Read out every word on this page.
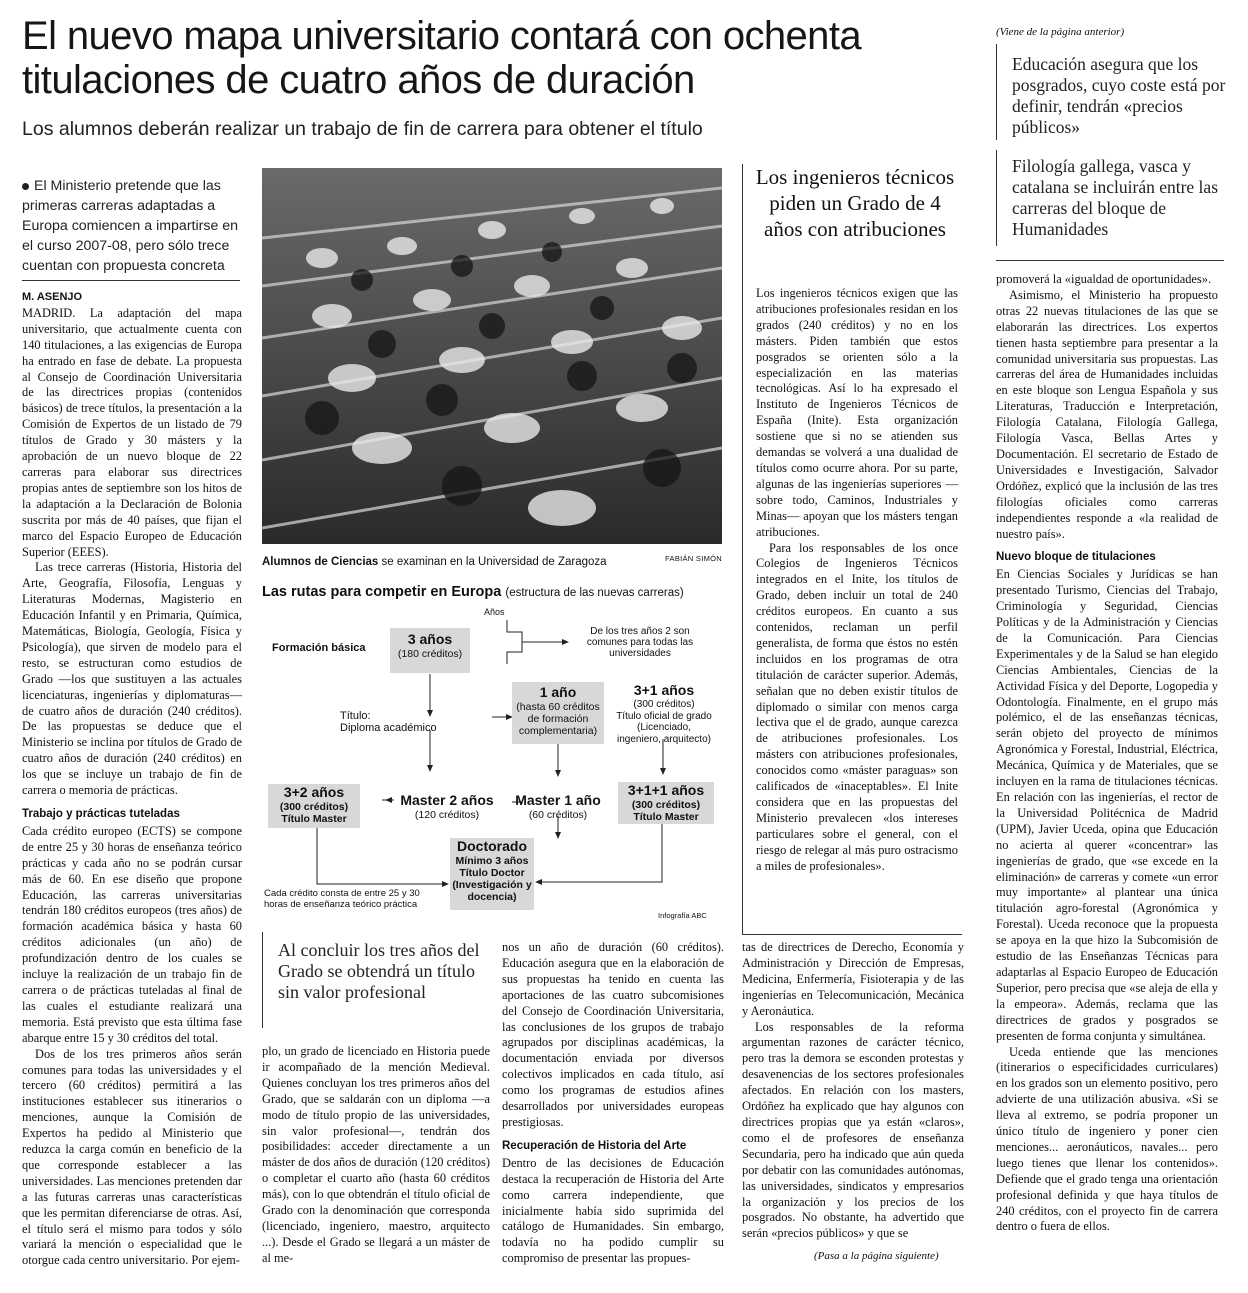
El nuevo mapa universitario contará con ochenta titulaciones de cuatro años de duración
Los alumnos deberán realizar un trabajo de fin de carrera para obtener el título
El Ministerio pretende que las primeras carreras adaptadas a Europa comiencen a impartirse en el curso 2007-08, pero sólo trece cuentan con propuesta concreta
M. ASENJO

MADRID. La adaptación del mapa universitario, que actualmente cuenta con 140 titulaciones, a las exigencias de Europa ha entrado en fase de debate. La propuesta al Consejo de Coordinación Universitaria de las directrices propias (contenidos básicos) de trece títulos, la presentación a la Comisión de Expertos de un listado de 79 títulos de Grado y 30 másters y la aprobación de un nuevo bloque de 22 carreras para elaborar sus directrices propias antes de septiembre son los hitos de la adaptación a la Declaración de Bolonia suscrita por más de 40 países, que fijan el marco del Espacio Europeo de Educación Superior (EEES).

Las trece carreras (Historia, Historia del Arte, Geografía, Filosofía, Lenguas y Literaturas Modernas, Magisterio en Educación Infantil y en Primaria, Química, Matemáticas, Biología, Geología, Física y Psicología), que sirven de modelo para el resto, se estructuran como estudios de Grado —los que sustituyen a las actuales licenciaturas, ingenierías y diplomaturas— de cuatro años de duración (240 créditos). De las propuestas se deduce que el Ministerio se inclina por títulos de Grado de cuatro años de duración (240 créditos) en los que se incluye un trabajo de fin de carrera o memoria de prácticas.

Trabajo y prácticas tuteladas

Cada crédito europeo (ECTS) se compone de entre 25 y 30 horas de enseñanza teórico prácticas y cada año no se podrán cursar más de 60. En ese diseño que propone Educación, las carreras universitarias tendrán 180 créditos europeos (tres años) de formación académica básica y hasta 60 créditos adicionales (un año) de profundización dentro de los cuales se incluye la realización de un trabajo fin de carrera o de prácticas tuteladas al final de las cuales el estudiante realizará una memoria. Está previsto que esta última fase abarque entre 15 y 30 créditos del total.

Dos de los tres primeros años serán comunes para todas las universidades y el tercero (60 créditos) permitirá a las instituciones establecer sus itinerarios o menciones, aunque la Comisión de Expertos ha pedido al Ministerio que reduzca la carga común en beneficio de la que corresponde establecer a las universidades. Las menciones pretenden dar a las futuras carreras unas características que les permitan diferenciarse de otras. Así, el título será el mismo para todos y sólo variará la mención o especialidad que le otorgue cada centro universitario. Por ejem-

Alumnos de Ciencias se examinan en la Universidad de Zaragoza	FABIÁN SIMÓN
Las rutas para competir en Europa (estructura de las nuevas carreras)
Años
Formación básica
3 años
(180 créditos)
De los tres años 2 son comunes para todas las universidades
Título:
Diploma académico
1 año
(hasta 60 créditos de formación complementaria)
3+1 años
(300 créditos)
Título oficial de grado
(Licenciado, ingeniero, arquitecto)
3+2 años
(300 créditos)
Título Master
Master 2 años
(120 créditos)
Master 1 año
(60 créditos)
3+1+1 años
(300 créditos)
Título Master
Doctorado
Mínimo 3 años
Título Doctor
(Investigación y docencia)
Cada crédito consta de entre 25 y 30 horas de enseñanza teórico práctica
Infografía ABC
Al concluir los tres años del Grado se obtendrá un título sin valor profesional

plo, un grado de licenciado en Historia puede ir acompañado de la mención Medieval. Quienes concluyan los tres primeros años del Grado, que se saldarán con un diploma —a modo de título propio de las universidades, sin valor profesional—, tendrán dos posibilidades: acceder directamente a un máster de dos años de duración (120 créditos) o completar el cuarto año (hasta 60 créditos más), con lo que obtendrán el título oficial de Grado con la denominación que corresponda (licenciado, ingeniero, maestro, arquitecto ...). Desde el Grado se llegará a un máster de al me-

nos un año de duración (60 créditos). Educación asegura que en la elaboración de sus propuestas ha tenido en cuenta las aportaciones de las cuatro subcomisiones del Consejo de Coordinación Universitaria, las conclusiones de los grupos de trabajo agrupados por disciplinas académicas, la documentación enviada por diversos colectivos implicados en cada título, así como los programas de estudios afines desarrollados por universidades europeas prestigiosas.

Recuperación de Historia del Arte

Dentro de las decisiones de Educación destaca la recuperación de Historia del Arte como carrera independiente, que inicialmente había sido suprimida del catálogo de Humanidades. Sin embargo, todavía no ha podido cumplir su compromiso de presentar las propues-

Los ingenieros técnicos piden un Grado de 4 años con atribuciones

Los ingenieros técnicos exigen que las atribuciones profesionales residan en los grados (240 créditos) y no en los másters. Piden también que estos posgrados se orienten sólo a la especialización en las materias tecnológicas. Así lo ha expresado el Instituto de Ingenieros Técnicos de España (Inite). Esta organización sostiene que si no se atienden sus demandas se volverá a una dualidad de títulos como ocurre ahora. Por su parte, algunas de las ingenierías superiores —sobre todo, Caminos, Industriales y Minas— apoyan que los másters tengan atribuciones.

Para los responsables de los once Colegios de Ingenieros Técnicos integrados en el Inite, los títulos de Grado, deben incluir un total de 240 créditos europeos. En cuanto a sus contenidos, reclaman un perfil generalista, de forma que éstos no estén incluidos en los programas de otra titulación de carácter superior. Además, señalan que no deben existir títulos de diplomado o similar con menos carga lectiva que el de grado, aunque carezca de atribuciones profesionales. Los másters con atribuciones profesionales, conocidos como «máster paraguas» son calificados de «inaceptables». El Inite considera que en las propuestas del Ministerio prevalecen «los intereses particulares sobre el general, con el riesgo de relegar al más puro ostracismo a miles de profesionales».

tas de directrices de Derecho, Economía y Administración y Dirección de Empresas, Medicina, Enfermería, Fisioterapia y de las ingenierías en Telecomunicación, Mecánica y Aeronáutica.

Los responsables de la reforma argumentan razones de carácter técnico, pero tras la demora se esconden protestas y desavenencias de los sectores profesionales afectados. En relación con los masters, Ordóñez ha explicado que hay algunos con directrices propias que ya están «claros», como el de profesores de enseñanza Secundaria, pero ha indicado que aún queda por debatir con las comunidades autónomas, las universidades, sindicatos y empresarios la organización y los precios de los posgrados. No obstante, ha advertido que serán «precios públicos» y que se

(Pasa a la página siguiente)
(Viene de la página anterior)
Educación asegura que los posgrados, cuyo coste está por definir, tendrán «precios públicos»
Filología gallega, vasca y catalana se incluirán entre las carreras del bloque de Humanidades

promoverá la «igualdad de oportunidades».

Asimismo, el Ministerio ha propuesto otras 22 nuevas titulaciones de las que se elaborarán las directrices. Los expertos tienen hasta septiembre para presentar a la comunidad universitaria sus propuestas. Las carreras del área de Humanidades incluidas en este bloque son Lengua Española y sus Literaturas, Traducción e Interpretación, Filología Catalana, Filología Gallega, Filología Vasca, Bellas Artes y Documentación. El secretario de Estado de Universidades e Investigación, Salvador Ordóñez, explicó que la inclusión de las tres filologías oficiales como carreras independientes responde a «la realidad de nuestro país».

Nuevo bloque de titulaciones

En Ciencias Sociales y Jurídicas se han presentado Turismo, Ciencias del Trabajo, Criminología y Seguridad, Ciencias Políticas y de la Administración y Ciencias de la Comunicación. Para Ciencias Experimentales y de la Salud se han elegido Ciencias Ambientales, Ciencias de la Actividad Física y del Deporte, Logopedia y Odontología. Finalmente, en el grupo más polémico, el de las enseñanzas técnicas, serán objeto del proyecto de mínimos Agronómica y Forestal, Industrial, Eléctrica, Mecánica, Química y de Materiales, que se incluyen en la rama de titulaciones técnicas. En relación con las ingenierías, el rector de la Universidad Politécnica de Madrid (UPM), Javier Uceda, opina que Educación no acierta al querer «concentrar» las ingenierías de grado, que «se excede en la eliminación» de carreras y comete «un error muy importante» al plantear una única titulación agro-forestal (Agronómica y Forestal). Uceda reconoce que la propuesta se apoya en la que hizo la Subcomisión de estudio de las Enseñanzas Técnicas para adaptarlas al Espacio Europeo de Educación Superior, pero precisa que «se aleja de ella y la empeora». Además, reclama que las directrices de grados y posgrados se presenten de forma conjunta y simultánea.

Uceda entiende que las menciones (itinerarios o especificidades curriculares) en los grados son un elemento positivo, pero advierte de una utilización abusiva. «Si se lleva al extremo, se podría proponer un único título de ingeniero y poner cien menciones... aeronáuticos, navales... pero luego tienes que llenar los contenidos». Defiende que el grado tenga una orientación profesional definida y que haya títulos de 240 créditos, con el proyecto fin de carrera dentro o fuera de ellos.
